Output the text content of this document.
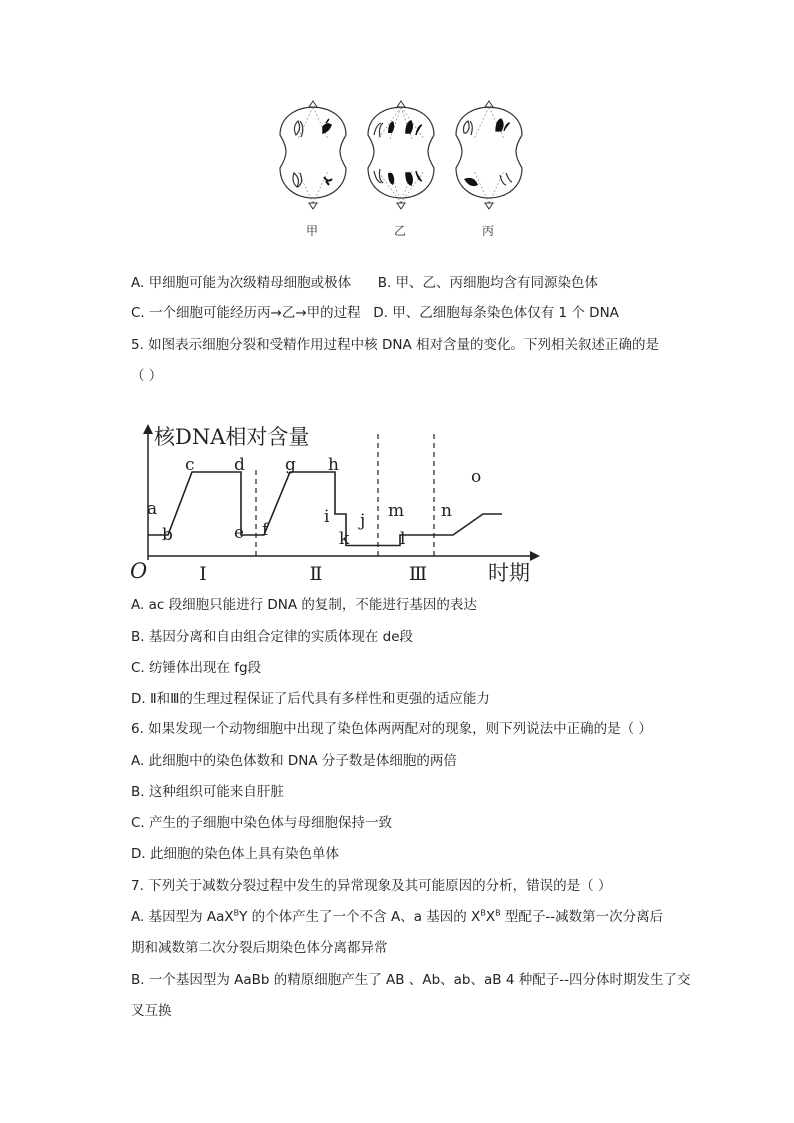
甲	乙	丙
A. 甲细胞可能为次级精母细胞或极体 B. 甲、乙、丙细胞均含有同源染色体
C. 一个细胞可能经历丙→乙→甲的过程 D. 甲、乙细胞每条染色体仅有 1 个 DNA
5. 如图表示细胞分裂和受精作用过程中核 DNA 相对含量的变化。下列相关叙述正确的是
（ ）
核DNA相对含量
O	时期
Ⅰ	Ⅱ	Ⅲ
a
b
c d
e f
g h
i j
k	l
m n
o
A. ac 段细胞只能进行 DNA 的复制，不能进行基因的表达
B. 基因分离和自由组合定律的实质体现在 de段
C. 纺锤体出现在 fg段
D. Ⅱ和Ⅲ的生理过程保证了后代具有多样性和更强的适应能力
6. 如果发现一个动物细胞中出现了染色体两两配对的现象，则下列说法中正确的是（ ）
A. 此细胞中的染色体数和 DNA 分子数是体细胞的两倍
B. 这种组织可能来自肝脏
C. 产生的子细胞中染色体与母细胞保持一致
D. 此细胞的染色体上具有染色单体
7. 下列关于减数分裂过程中发生的异常现象及其可能原因的分析，错误的是（ ）
A. 基因型为 AaX$^B$Y 的个体产生了一个不含 A、a 基因的 $X^BX^B$ 型配子--减数第一次分离后
期和减数第二次分裂后期染色体分离都异常
B. 一个基因型为 AaBb 的精原细胞产生了 AB 、Ab、ab、aB 4 种配子--四分体时期发生了交
叉互换
